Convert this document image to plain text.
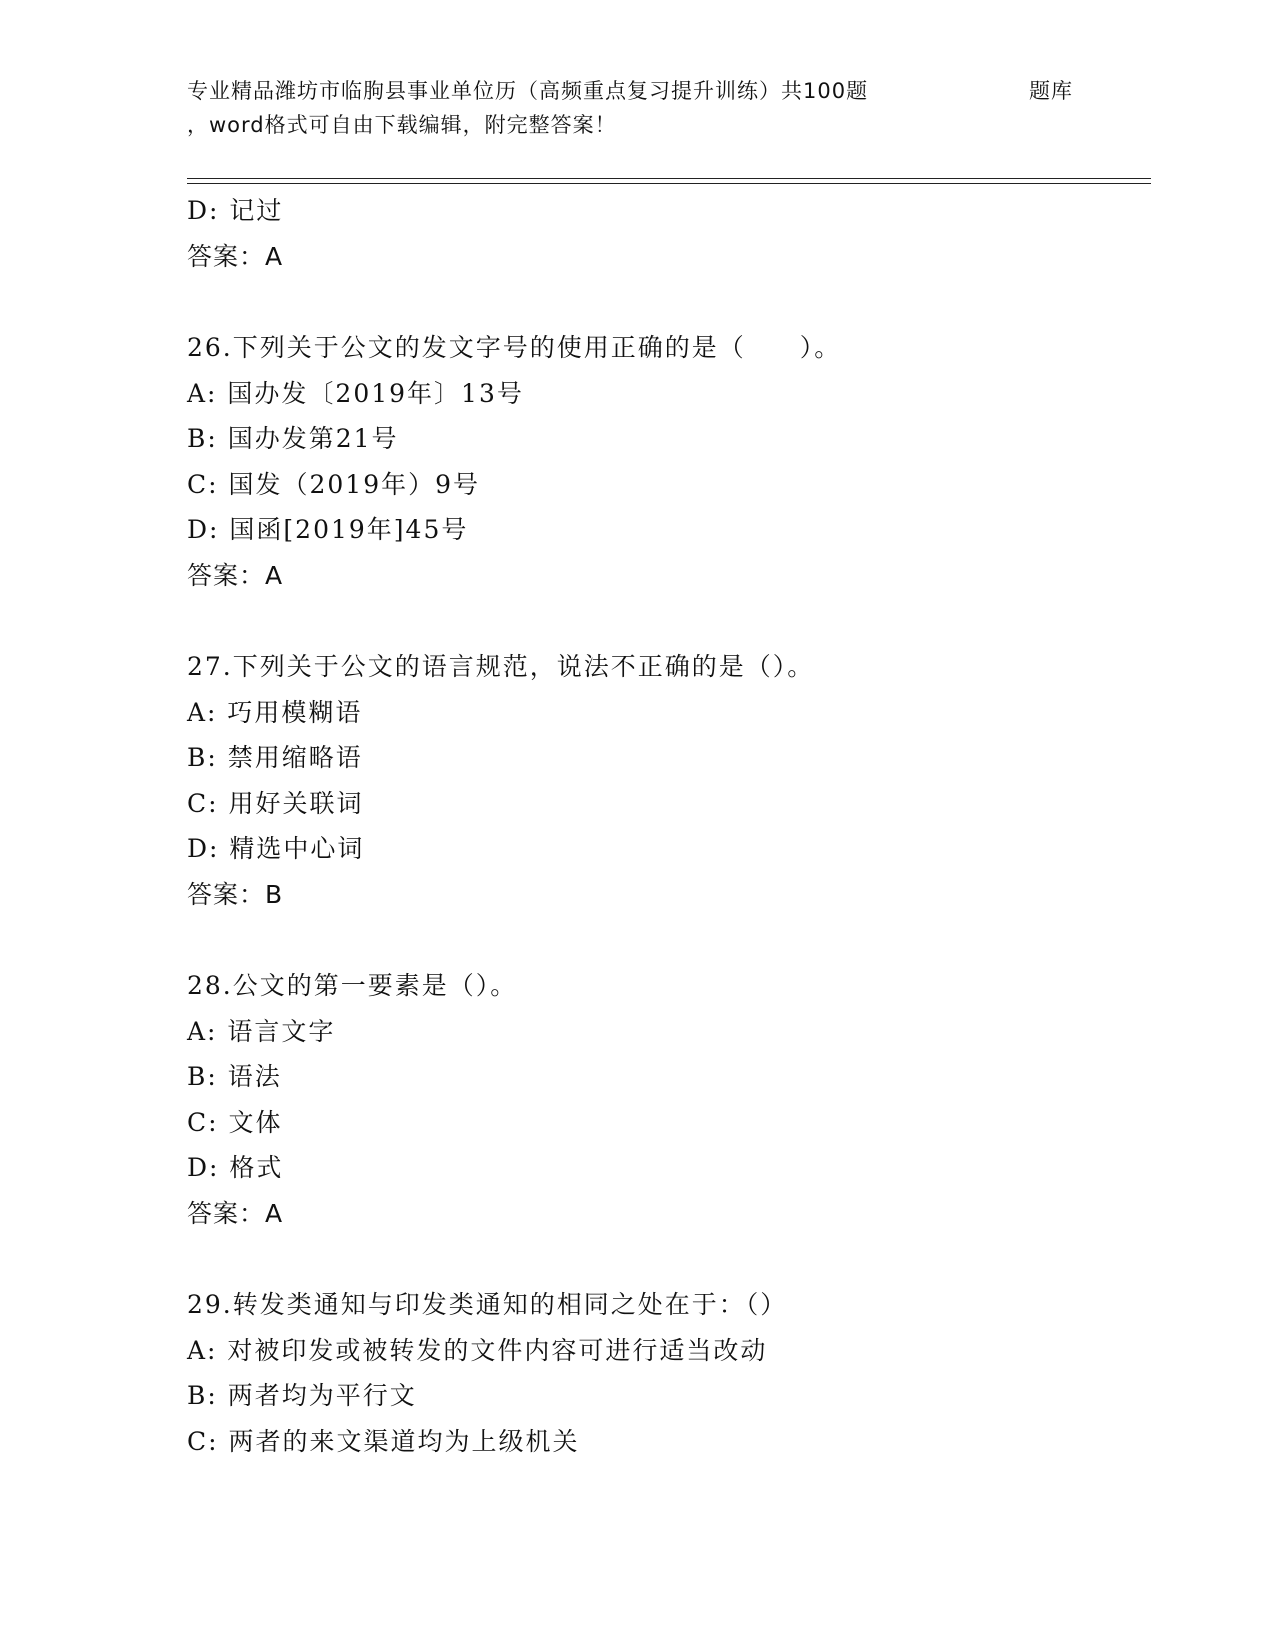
专业精品潍坊市临朐县事业单位历（高频重点复习提升训练）共100题	题库
，word格式可自由下载编辑，附完整答案！
D: 记过
答案：A
26.下列关于公文的发文字号的使用正确的是（　　）。
A: 国办发〔2019年〕13号
B: 国办发第21号
C: 国发（2019年）9号
D: 国函[2019年]45号
答案：A
27.下列关于公文的语言规范，说法不正确的是（）。
A: 巧用模糊语
B: 禁用缩略语
C: 用好关联词
D: 精选中心词
答案：B
28.公文的第一要素是（）。
A: 语言文字
B: 语法
C: 文体
D: 格式
答案：A
29.转发类通知与印发类通知的相同之处在于：（）
A: 对被印发或被转发的文件内容可进行适当改动
B: 两者均为平行文
C: 两者的来文渠道均为上级机关
